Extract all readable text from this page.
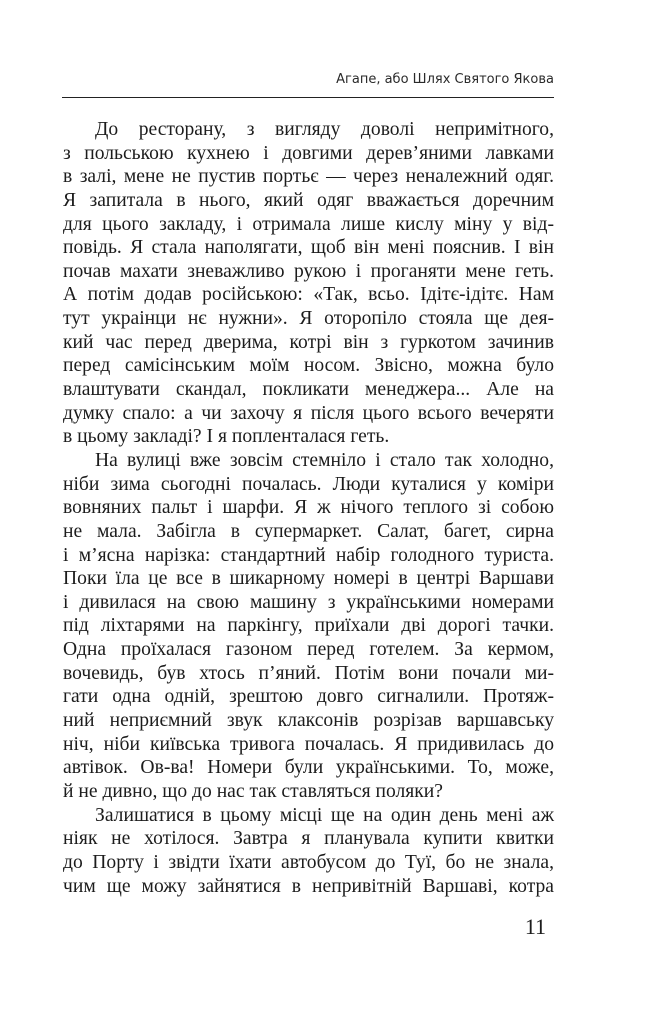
Агапе, або Шлях Святого Якова

До ресторану, з вигляду доволі непримітного,
з польською кухнею і довгими дерев’яними лавками
в залі, мене не пустив портьє — через неналежний одяг.
Я запитала в нього, який одяг вважається доречним
для цього закладу, і отримала лише кислу міну у від-
повідь. Я стала наполягати, щоб він мені пояснив. І він
почав махати зневажливо рукою і проганяти мене геть.
А потім додав російською: «Так, всьо. Ідітє-ідітє. Нам
тут украінци нє нужни». Я оторопіло стояла ще дея-
кий час перед дверима, котрі він з гуркотом зачинив
перед самісінським моїм носом. Звісно, можна було
влаштувати скандал, покликати менеджера... Але на
думку спало: а чи захочу я після цього всього вечеряти
в цьому закладі? І я попленталася геть.

На вулиці вже зовсім стемніло і стало так холодно,
ніби зима сьогодні почалась. Люди куталися у коміри
вовняних пальт і шарфи. Я ж нічого теплого зі собою
не мала. Забігла в супермаркет. Салат, багет, сирна
і м’ясна нарізка: стандартний набір голодного туриста.
Поки їла це все в шикарному номері в центрі Варшави
і дивилася на свою машину з українськими номерами
під ліхтарями на паркінгу, приїхали дві дорогі тачки.
Одна проїхалася газоном перед готелем. За кермом,
вочевидь, був хтось п’яний. Потім вони почали ми-
гати одна одній, зрештою довго сигналили. Протяж-
ний неприємний звук клаксонів розрізав варшавську
ніч, ніби київська тривога почалась. Я придивилась до
автівок. Ов-ва! Номери були українськими. То, може,
й не дивно, що до нас так ставляться поляки?

Залишатися в цьому місці ще на один день мені аж
ніяк не хотілося. Завтра я планувала купити квитки
до Порту і звідти їхати автобусом до Туї, бо не знала,
чим ще можу зайнятися в непривітній Варшаві, котра

11
